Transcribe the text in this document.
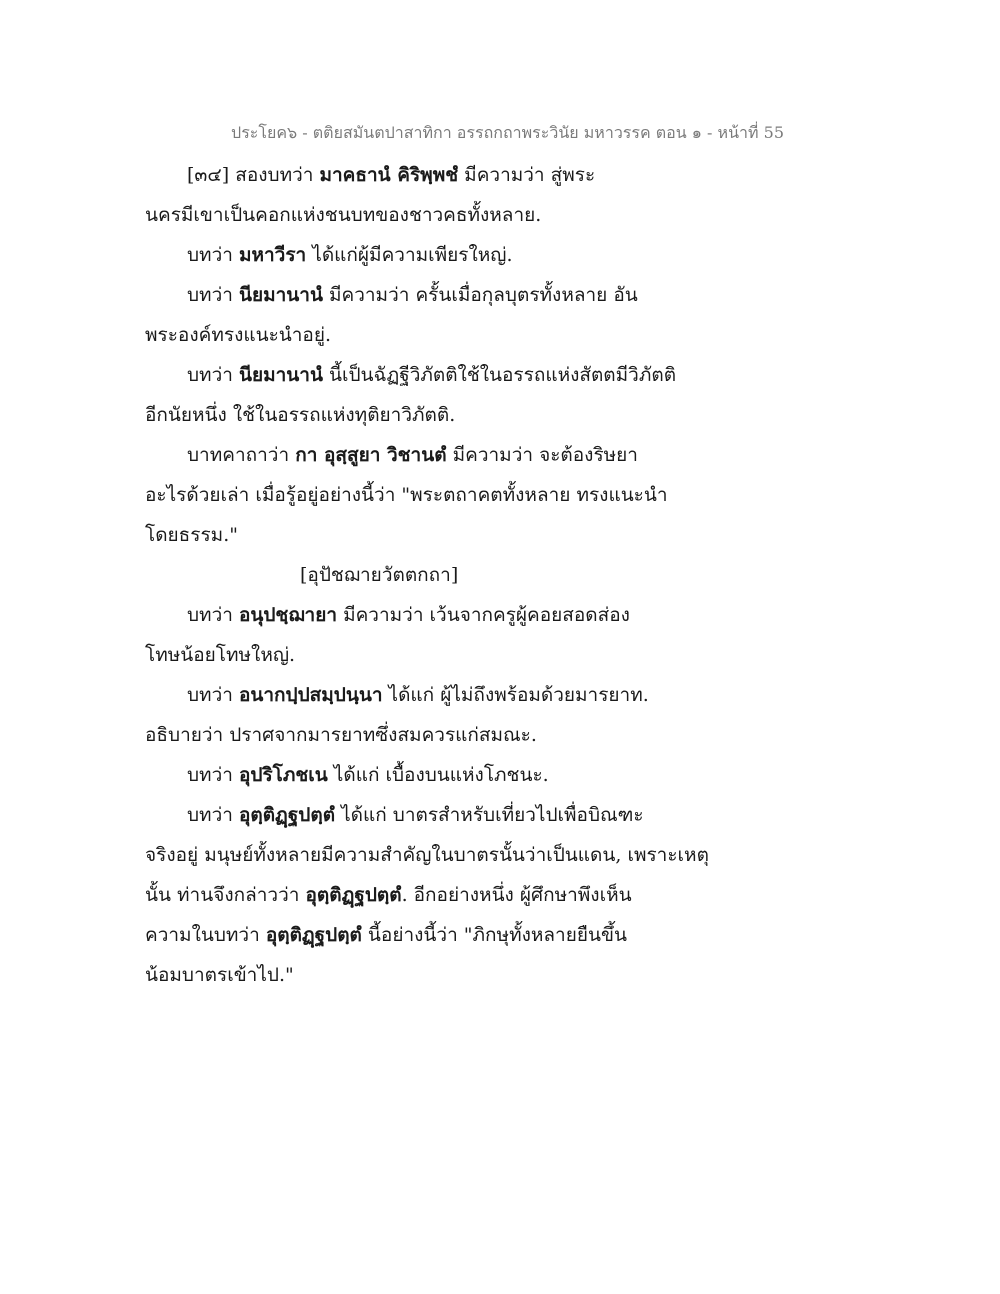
ประโยค๖ - ตติยสมันตปาสาทิกา อรรถกถาพระวินัย มหาวรรค ตอน ๑ - หน้าที่ 55
[๓๔] สองบทว่า มาคธานํ คิริพฺพชํ มีความว่า สู่พระ
นครมีเขาเป็นคอกแห่งชนบทของชาวคธทั้งหลาย.
บทว่า มหาวีรา ได้แก่ผู้มีความเพียรใหญ่.
บทว่า นียมานานํ มีความว่า ครั้นเมื่อกุลบุตรทั้งหลาย อัน
พระองค์ทรงแนะนำอยู่.
บทว่า นียมานานํ นี้เป็นฉัฏฐีวิภัตติใช้ในอรรถแห่งสัตตมีวิภัตติ
อีกนัยหนึ่ง ใช้ในอรรถแห่งทุติยาวิภัตติ.
บาทคาถาว่า กา อุสฺสูยา วิชานตํ มีความว่า จะต้องริษยา
อะไรด้วยเล่า เมื่อรู้อยู่อย่างนี้ว่า "พระตถาคตทั้งหลาย ทรงแนะนำ
โดยธรรม."
[อุปัชฌายวัตตกถา]
บทว่า อนุปชฺฌายา มีความว่า เว้นจากครูผู้คอยสอดส่อง
โทษน้อยโทษใหญ่.
บทว่า อนากปฺปสมฺปนฺนา ได้แก่ ผู้ไม่ถึงพร้อมด้วยมารยาท.
อธิบายว่า ปราศจากมารยาทซึ่งสมควรแก่สมณะ.
บทว่า อุปริโภชเน ได้แก่ เบื้องบนแห่งโภชนะ.
บทว่า อุตฺติฏฺฐปตฺตํ ได้แก่ บาตรสำหรับเที่ยวไปเพื่อบิณฑะ
จริงอยู่ มนุษย์ทั้งหลายมีความสำคัญในบาตรนั้นว่าเป็นแดน, เพราะเหตุ
นั้น ท่านจึงกล่าวว่า อุตฺติฏฺฐปตฺตํ. อีกอย่างหนึ่ง ผู้ศึกษาพึงเห็น
ความในบทว่า อุตฺติฏฺฐปตฺตํ นี้อย่างนี้ว่า "ภิกษุทั้งหลายยืนขึ้น
น้อมบาตรเข้าไป."
